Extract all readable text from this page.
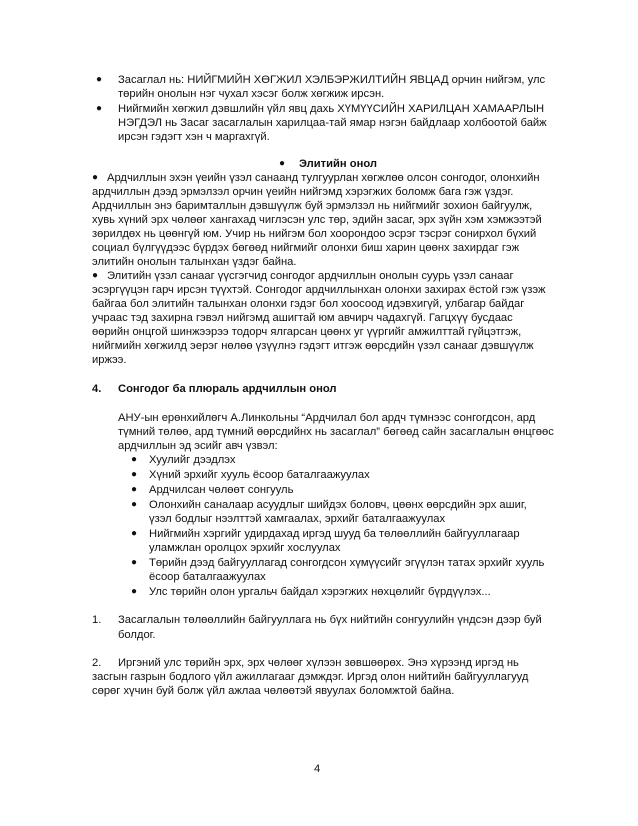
● Засаглал нь: НИЙГМИЙН ХӨГЖИЛ ХЭЛБЭРЖИЛТИЙН ЯВЦАД орчин нийгэм, улс
төрийн онолын нэг чухал хэсэг болж хөгжиж ирсэн.
● Нийгмийн хөгжил дэвшлийн үйл явц дахь ХҮМҮҮСИЙН ХАРИЛЦАН ХАМААРЛЫН
НЭГДЭЛ нь Засаг засаглалын харилцаа-тай ямар нэгэн байдлаар холбоотой байж
ирсэн гэдэгт хэн ч маргахгүй.
● Элитийн онол
● Ардчиллын эхэн үеийн үзэл санаанд тулгуурлан хөгжлөө олсон сонгодог, олонхийн
ардчиллын дээд эрмэлзэл орчин үеийн нийгэмд хэрэгжих боломж бага гэж үздэг.
Ардчиллын энэ баримталлын дэвшүүлж буй эрмэлзэл нь нийгмийг зохион байгуулж,
хувь хүний эрх чөлөөг хангахад чиглэсэн улс төр, эдийн засаг, эрх зүйн хэм хэмжээтэй
зөрилдөх нь цөөнгүй юм. Учир нь нийгэм бол хоорондоо эсрэг тэсрэг сонирхол бүхий
социал бүлгүүдээс бүрдэх бөгөөд нийгмийг олонхи биш харин цөөнх захирдаг гэж
элитийн онолын талынхан үздэг байна.
● Элитийн үзэл санааг үүсгэгчид сонгодог ардчиллын онолын суурь үзэл санааг
эсэргүүцэн гарч ирсэн түүхтэй. Сонгодог ардчиллынхан олонхи захирах ёстой гэж үзэж
байгаа бол элитийн талынхан олонхи гэдэг бол хоосоод идэвхигүй, улбагар байдаг
учраас тэд захирна гэвэл нийгэмд ашигтай юм авчирч чадахгүй. Гагцхүү бусдаас
өөрийн онцгой шинжээрээ тодорч ялгарсан цөөнх уг үүргийг амжилттай гүйцэтгэж,
нийгмийн хөгжилд эерэг нөлөө үзүүлнэ гэдэгт итгэж өөрсдийн үзэл санааг дэвшүүлж
иржээ.
4. Сонгодог ба плюраль ардчиллын онол
АНУ-ын ерөнхийлөгч А.Линкольны “Ардчилал бол ардч түмнээс сонгогдсон, ард
түмний төлөө, ард түмний өөрсдийнх нь засаглал” бөгөөд сайн засаглалын өнцгөөс
ардчиллын эд эсийг авч үзвэл:
● Хуулийг дээдлэх
● Хүний эрхийг хууль ёсоор баталгаажуулах
● Ардчилсан чөлөөт сонгууль
● Олонхийн саналаар асуудлыг шийдэх боловч, цөөнх өөрсдийн эрх ашиг,
үзэл бодлыг нээлттэй хамгаалах, эрхийг баталгаажуулах
● Нийгмийн хэргийг удирдахад иргэд шууд ба төлөөллийн байгууллагаар
уламжлан оролцох эрхийг хослуулах
● Төрийн дээд байгууллагад сонгогдсон хүмүүсийг эгүүлэн татах эрхийг хууль
ёсоор баталгаажуулах
● Улс төрийн олон ургальч байдал хэрэгжих нөхцөлийг бүрдүүлэх...
1. Засаглалын төлөөллийн байгууллага нь бүх нийтийн сонгуулийн үндсэн дээр буй
болдог.
2. Иргэний улс төрийн эрх, эрх чөлөөг хүлээн зөвшөөрөх. Энэ хүрээнд иргэд нь
засгын газрын бодлого үйл ажиллагааг дэмждэг. Иргэд олон нийтийн байгууллагууд
сөрөг хүчин буй болж үйл ажлаа чөлөөтэй явуулах боломжтой байна.
4
